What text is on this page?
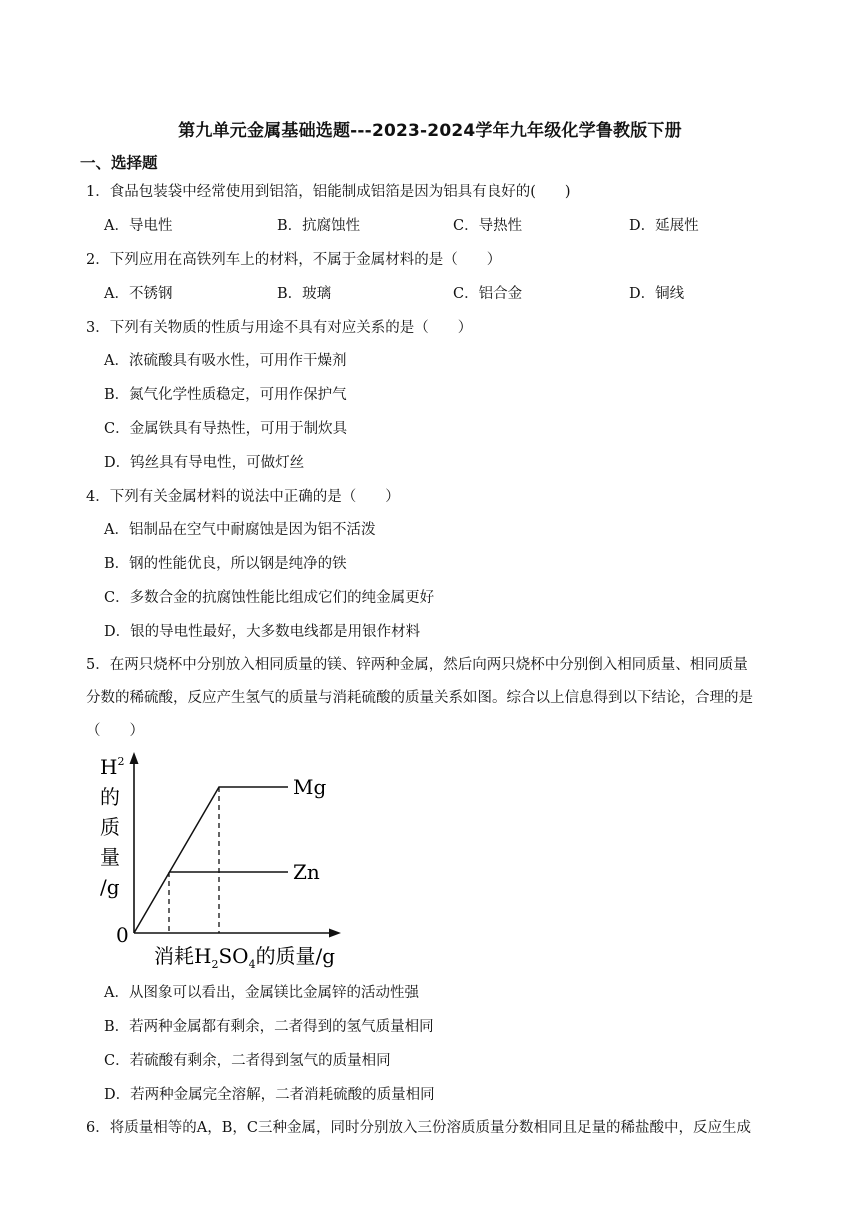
第九单元金属基础选题---2023-2024学年九年级化学鲁教版下册
一、选择题
1．食品包装袋中经常使用到铝箔，铝能制成铝箔是因为铝具有良好的(　　)
A．导电性	B．抗腐蚀性	C．导热性	D．延展性
2．下列应用在高铁列车上的材料，不属于金属材料的是（　　）
A．不锈钢	B．玻璃	C．铝合金	D．铜线
3．下列有关物质的性质与用途不具有对应关系的是（　　）
A．浓硫酸具有吸水性，可用作干燥剂
B．氮气化学性质稳定，可用作保护气
C．金属铁具有导热性，可用于制炊具
D．钨丝具有导电性，可做灯丝
4．下列有关金属材料的说法中正确的是（　　）
A．铝制品在空气中耐腐蚀是因为铝不活泼
B．钢的性能优良，所以钢是纯净的铁
C．多数合金的抗腐蚀性能比组成它们的纯金属更好
D．银的导电性最好，大多数电线都是用银作材料
5．在两只烧杯中分别放入相同质量的镁、锌两种金属，然后向两只烧杯中分别倒入相同质量、相同质量
分数的稀硫酸，反应产生氢气的质量与消耗硫酸的质量关系如图。综合以上信息得到以下结论，合理的是
（　　）
Mg
Zn
$H^2$
的
质
量
/g
0
消耗$H_2SO_4$的质量/g
A．从图象可以看出，金属镁比金属锌的活动性强
B．若两种金属都有剩余，二者得到的氢气质量相同
C．若硫酸有剩余，二者得到氢气的质量相同
D．若两种金属完全溶解，二者消耗硫酸的质量相同
6．将质量相等的A，B，C三种金属，同时分别放入三份溶质质量分数相同且足量的稀盐酸中，反应生成
